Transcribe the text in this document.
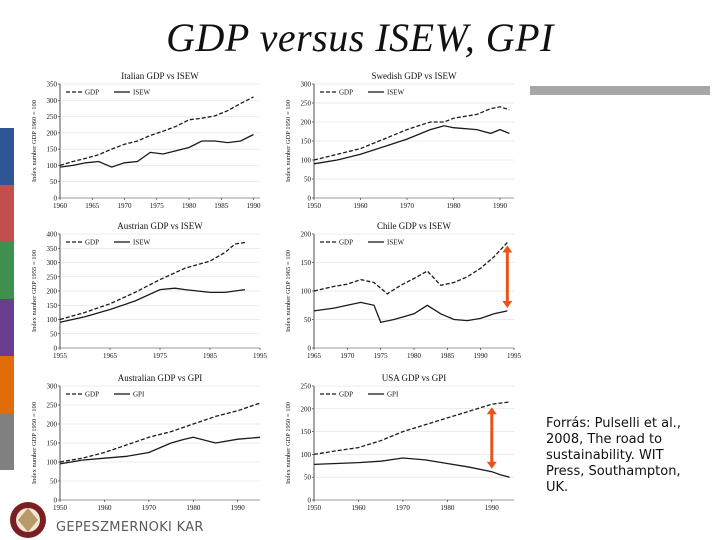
GDP versus ISEW, GPI
Italian GDP vs ISEW
Index number GDP 1960 = 100
0
50
100
150
200
250
300
350
1960	1965	1970	1975	1980	1985	1990
GDP	ISEW
Swedish GDP vs ISEW
Index number GDP 1950 = 100
0
50
100
150
200
250
300
1950	1960	1970	1980	1990
GDP	ISEW
Austrian GDP vs ISEW
Index number GDP 1955 = 100
0
50
100
150
200
250
300
350
400
1955	1965	1975	1985	1995
GDP	ISEW
Chile GDP vs ISEW
Index number GDP 1965 = 100
0
50
100
150
200
1965	1970	1975	1980	1985	1990	1995
GDP	ISEW
Australian GDP vs GPI
Index number GDP 1950 = 100
0
50
100
150
200
250
300
1950	1960	1970	1980	1990
GDP	GPI
USA GDP vs GPI
Index number GDP 1950 = 100
0
50
100
150
200
250
1950	1960	1970	1980	1990
GDP	GPI
Forrás: Pulselli et al., 2008, The road to sustainability. WIT Press, Southampton, UK.
GEPESZMERNOKI KAR
